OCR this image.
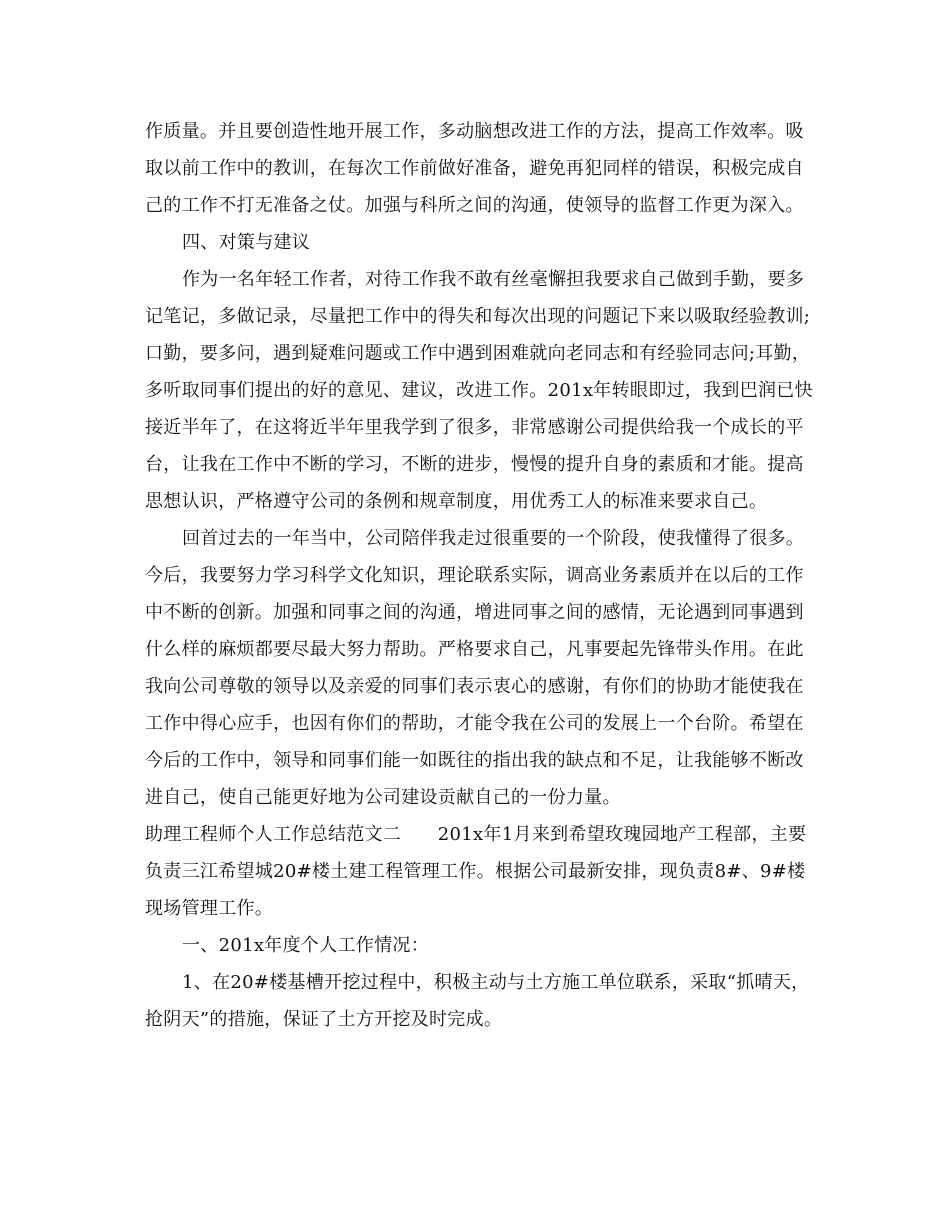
作质量。并且要创造性地开展工作，多动脑想改进工作的方法，提高工作效率。吸取以前工作中的教训，在每次工作前做好准备，避免再犯同样的错误，积极完成自己的工作不打无准备之仗。加强与科所之间的沟通，使领导的监督工作更为深入。

四、对策与建议

作为一名年轻工作者，对待工作我不敢有丝毫懈担我要求自己做到手勤，要多记笔记，多做记录，尽量把工作中的得失和每次出现的问题记下来以吸取经验教训;口勤，要多问，遇到疑难问题或工作中遇到困难就向老同志和有经验同志问;耳勤，多听取同事们提出的好的意见、建议，改进工作。201x年转眼即过，我到巴润已快接近半年了，在这将近半年里我学到了很多，非常感谢公司提供给我一个成长的平台，让我在工作中不断的学习，不断的进步，慢慢的提升自身的素质和才能。提高思想认识，严格遵守公司的条例和规章制度，用优秀工人的标准来要求自己。

回首过去的一年当中，公司陪伴我走过很重要的一个阶段，使我懂得了很多。今后，我要努力学习科学文化知识，理论联系实际，调高业务素质并在以后的工作中不断的创新。加强和同事之间的沟通，增进同事之间的感情，无论遇到同事遇到什么样的麻烦都要尽最大努力帮助。严格要求自己，凡事要起先锋带头作用。在此我向公司尊敬的领导以及亲爱的同事们表示衷心的感谢，有你们的协助才能使我在工作中得心应手，也因有你们的帮助，才能令我在公司的发展上一个台阶。希望在今后的工作中，领导和同事们能一如既往的指出我的缺点和不足，让我能够不断改进自己，使自己能更好地为公司建设贡献自己的一份力量。

助理工程师个人工作总结范文二　　201x年1月来到希望玫瑰园地产工程部，主要负责三江希望城20#楼土建工程管理工作。根据公司最新安排，现负责8#、9#楼现场管理工作。

一、201x年度个人工作情况：

1、在20#楼基槽开挖过程中，积极主动与土方施工单位联系，采取“抓晴天，抢阴天”的措施，保证了土方开挖及时完成。
